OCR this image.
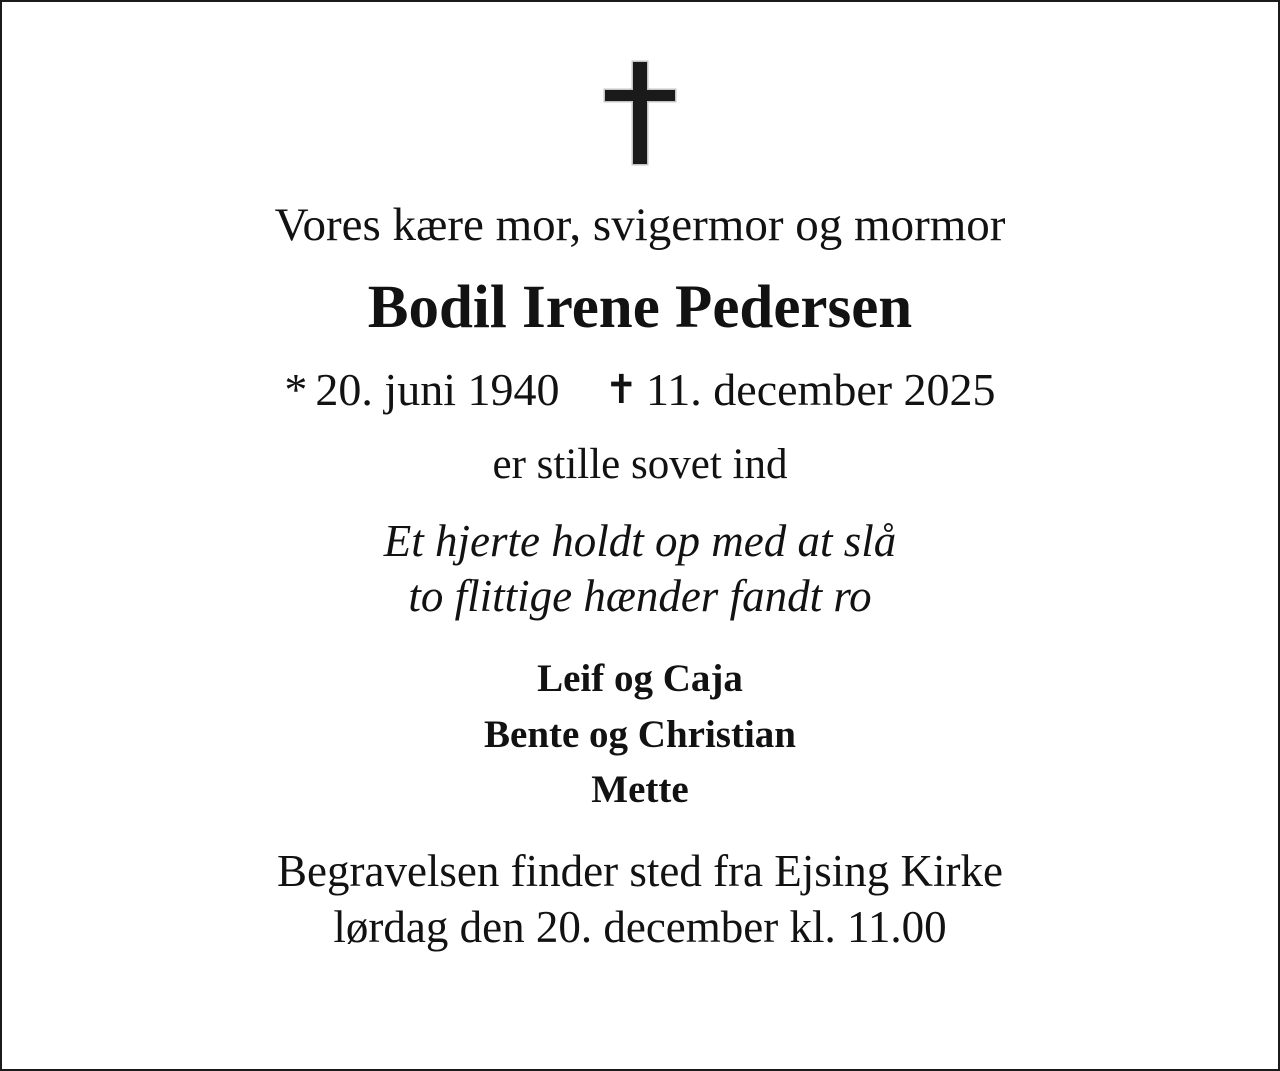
Vores kære mor, svigermor og mormor

Bodil Irene Pedersen

* 20. juni 1940 ✝ 11. december 2025

er stille sovet ind

Et hjerte holdt op med at slå

to flittige hænder fandt ro

Leif og Caja

Bente og Christian

Mette

Begravelsen finder sted fra Ejsing Kirke

lørdag den 20. december kl. 11.00
